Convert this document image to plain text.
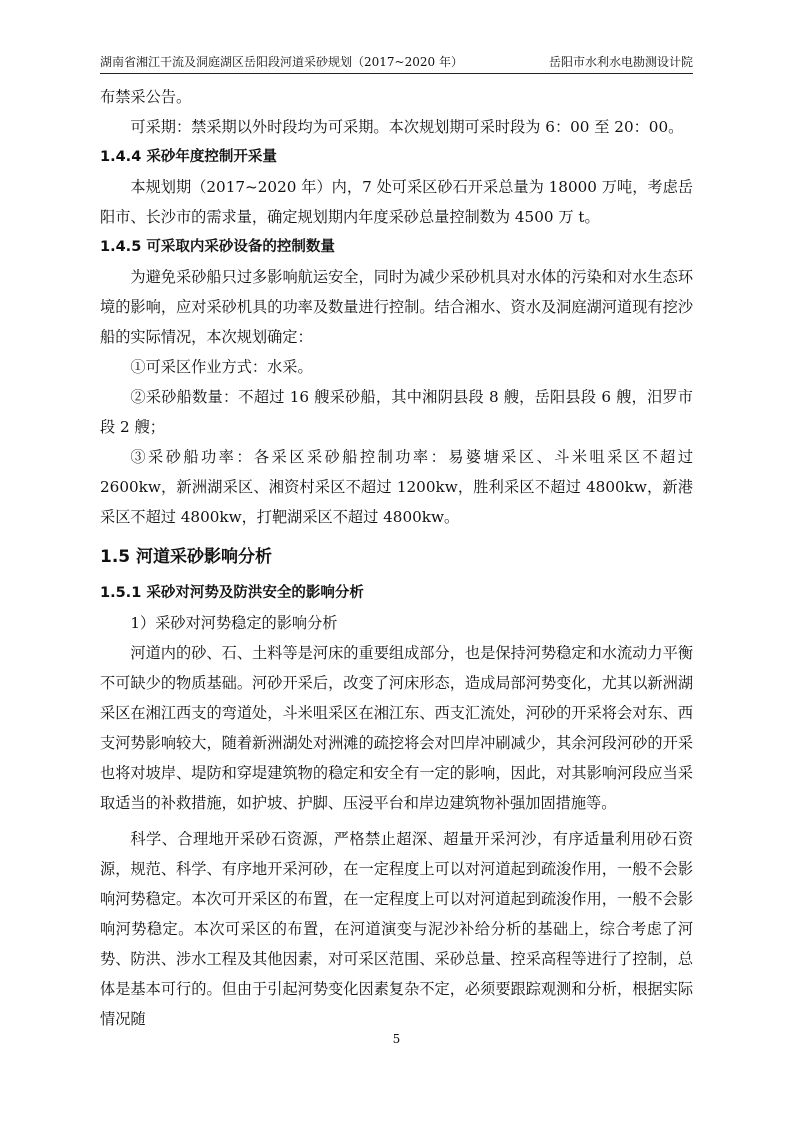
湖南省湘江干流及洞庭湖区岳阳段河道采砂规划（2017~2020 年）	岳阳市水利水电勘测设计院

布禁采公告。

可采期：禁采期以外时段均为可采期。本次规划期可采时段为 6：00 至 20：00。

1.4.4 采砂年度控制开采量

本规划期（2017~2020 年）内，7 处可采区砂石开采总量为 18000 万吨，考虑岳阳市、长沙市的需求量，确定规划期内年度采砂总量控制数为 4500 万 t。

1.4.5 可采取内采砂设备的控制数量

为避免采砂船只过多影响航运安全，同时为减少采砂机具对水体的污染和对水生态环境的影响，应对采砂机具的功率及数量进行控制。结合湘水、资水及洞庭湖河道现有挖沙船的实际情况，本次规划确定：

①可采区作业方式：水采。

②采砂船数量：不超过 16 艘采砂船，其中湘阴县段 8 艘，岳阳县段 6 艘，汨罗市段 2 艘；

③采砂船功率：各采区采砂船控制功率：易婆塘采区、斗米咀采区不超过 2600kw，新洲湖采区、湘资村采区不超过 1200kw，胜利采区不超过 4800kw，新港采区不超过 4800kw，打靶湖采区不超过 4800kw。

1.5 河道采砂影响分析
1.5.1 采砂对河势及防洪安全的影响分析

1）采砂对河势稳定的影响分析

河道内的砂、石、土料等是河床的重要组成部分，也是保持河势稳定和水流动力平衡不可缺少的物质基础。河砂开采后，改变了河床形态，造成局部河势变化，尤其以新洲湖采区在湘江西支的弯道处，斗米咀采区在湘江东、西支汇流处，河砂的开采将会对东、西支河势影响较大，随着新洲湖处对洲滩的疏挖将会对凹岸冲刷减少，其余河段河砂的开采也将对坡岸、堤防和穿堤建筑物的稳定和安全有一定的影响，因此，对其影响河段应当采取适当的补救措施，如护坡、护脚、压浸平台和岸边建筑物补强加固措施等。

科学、合理地开采砂石资源，严格禁止超深、超量开采河沙，有序适量利用砂石资源，规范、科学、有序地开采河砂，在一定程度上可以对河道起到疏浚作用，一般不会影响河势稳定。本次可开采区的布置，在一定程度上可以对河道起到疏浚作用，一般不会影响河势稳定。本次可采区的布置，在河道演变与泥沙补给分析的基础上，综合考虑了河势、防洪、涉水工程及其他因素，对可采区范围、采砂总量、控采高程等进行了控制，总体是基本可行的。但由于引起河势变化因素复杂不定，必须要跟踪观测和分析，根据实际情况随

5
